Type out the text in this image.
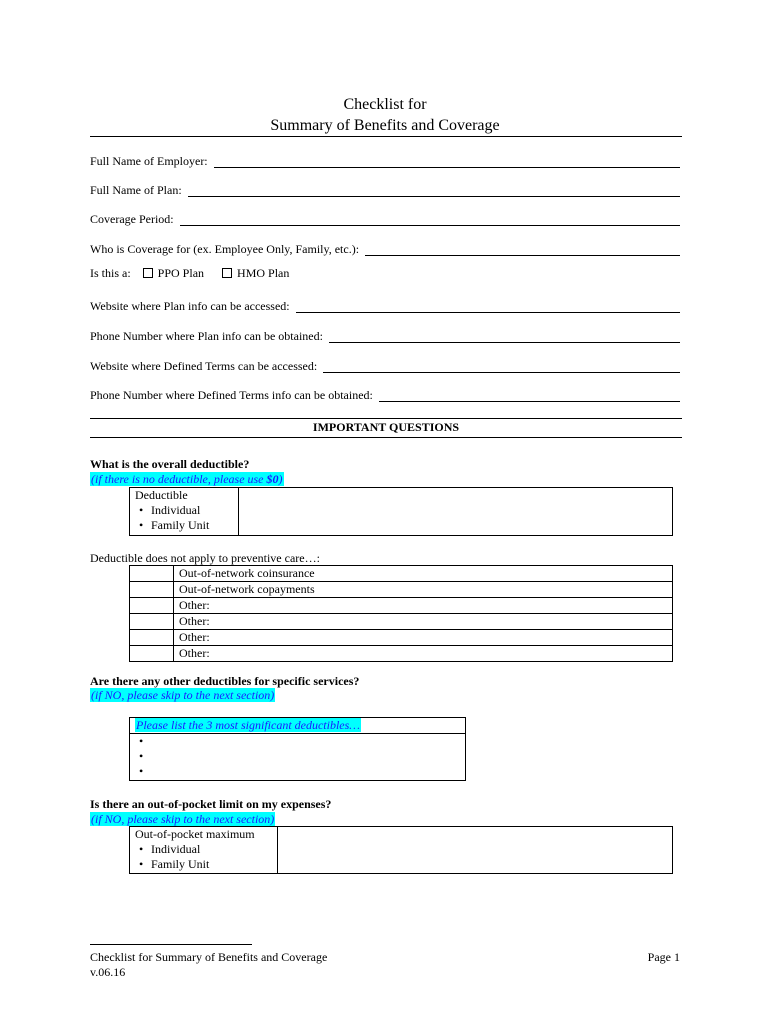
Checklist for
Summary of Benefits and Coverage
Full Name of Employer:
Full Name of Plan:
Coverage Period:
Who is Coverage for (ex. Employee Only, Family, etc.):
Is this a: PPO Plan	HMO Plan
Website where Plan info can be accessed:
Phone Number where Plan info can be obtained:
Website where Defined Terms can be accessed:
Phone Number where Defined Terms info can be obtained:
IMPORTANT QUESTIONS
What is the overall deductible?
(if there is no deductible, please use $0)
Deductible
• Individual
• Family Unit

Deductible does not apply to preventive care…:
	Out-of-network coinsurance
	Out-of-network copayments
	Other:
	Other:
	Other:
	Other:
Are there any other deductibles for specific services?
(if NO, please skip to the next section)
Please list the 3 most significant deductibles…

•
•
•
Is there an out-of-pocket limit on my expenses?
(if NO, please skip to the next section)
Out-of-pocket maximum
• Individual
• Family Unit

Checklist for Summary of Benefits and Coverage
v.06.16
Page 1
